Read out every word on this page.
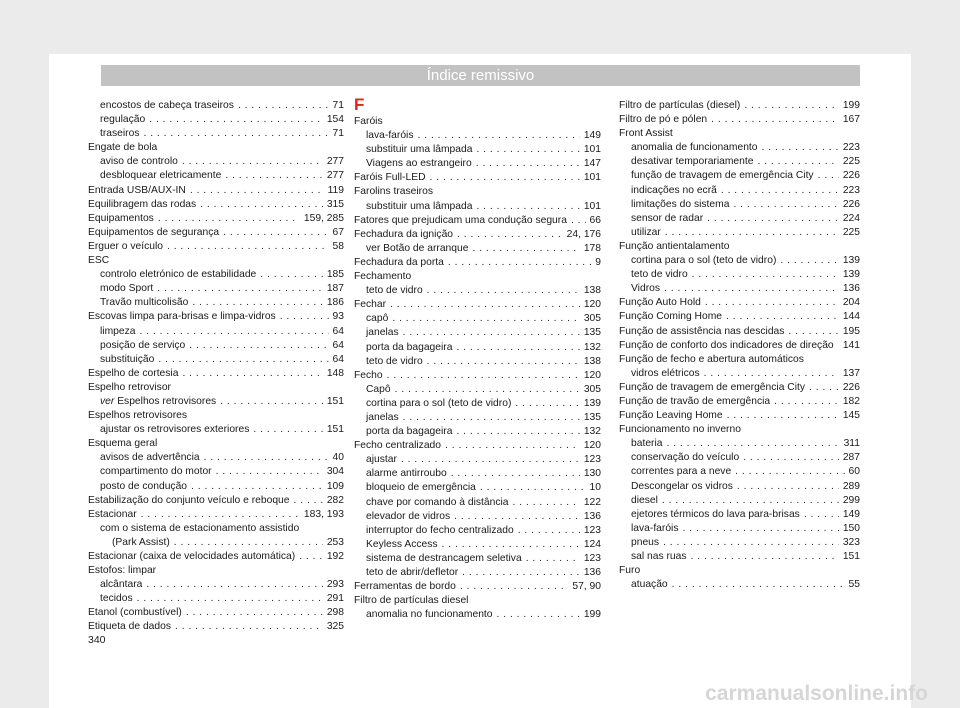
Índice remissivo
encostos de cabeça traseiros . . .	71
regulação . . .	154
traseiros . . .	71
Engate de bola
aviso de controlo . . .	277
desbloquear eletricamente . . .	277
Entrada USB/AUX-IN . . .	119
Equilibragem das rodas . . .	315
Equipamentos . . .	159, 285
Equipamentos de segurança . . .	67
Erguer o veículo . . .	58
ESC
controlo eletrónico de estabilidade . . .	185
modo Sport . . .	187
Travão multicolisão . . .	186
Escovas limpa para-brisas e limpa-vidros . . .	93
limpeza . . .	64
posição de serviço . . .	64
substituição . . .	64
Espelho de cortesia . . .	148
Espelho retrovisor
ver Espelhos retrovisores . . .	151
Espelhos retrovisores
ajustar os retrovisores exteriores . . .	151
Esquema geral
avisos de advertência . . .	40
compartimento do motor . . .	304
posto de condução . . .	109
Estabilização do conjunto veículo e reboque . . .	282
Estacionar . . .	183, 193
com o sistema de estacionamento assistido
(Park Assist) . . .	253
Estacionar (caixa de velocidades automática) . . .	192
Estofos: limpar
alcântara . . .	293
tecidos . . .	291
Etanol (combustível) . . .	298
Etiqueta de dados . . .	325
F
Faróis
lava-faróis . . .	149
substituir uma lâmpada . . .	101
Viagens ao estrangeiro . . .	147
Faróis Full-LED . . .	101
Farolins traseiros
substituir uma lâmpada . . .	101
Fatores que prejudicam uma condução segura . . . 66
Fechadura da ignição . . .	24, 176
ver Botão de arranque . . .	178
Fechadura da porta . . .	9
Fechamento
teto de vidro . . .	138
Fechar . . .	120
capô . . .	305
janelas . . .	135
porta da bagageira . . .	132
teto de vidro . . .	138
Fecho . . .	120
Capô . . .	305
cortina para o sol (teto de vidro) . . .	139
janelas . . .	135
porta da bagageira . . .	132
Fecho centralizado . . .	120
ajustar . . .	123
alarme antirroubo . . .	130
bloqueio de emergência . . .	10
chave por comando à distância . . .	122
elevador de vidros . . .	136
interruptor do fecho centralizado . . .	123
Keyless Access . . .	124
sistema de destrancagem seletiva . . .	123
teto de abrir/defletor . . .	136
Ferramentas de bordo . . .	57, 90
Filtro de partículas diesel
anomalia no funcionamento . . .	199
Filtro de partículas (diesel) . . .	199
Filtro de pó e pólen . . .	167
Front Assist
anomalia de funcionamento . . .	223
desativar temporariamente . . .	225
função de travagem de emergência City . . .	226
indicações no ecrã . . .	223
limitações do sistema . . .	226
sensor de radar . . .	224
utilizar . . .	225
Função antientalamento
cortina para o sol (teto de vidro) . . .	139
teto de vidro . . .	139
Vidros . . .	136
Função Auto Hold . . .	204
Função Coming Home . . .	144
Função de assistência nas descidas . . .	195
Função de conforto dos indicadores de direção 141
Função de fecho e abertura automáticos
vidros elétricos . . .	137
Função de travagem de emergência City . . .	226
Função de travão de emergência . . .	182
Função Leaving Home . . .	145
Funcionamento no inverno
bateria . . .	311
conservação do veículo . . .	287
correntes para a neve . . .	60
Descongelar os vidros . . .	289
diesel . . .	299
ejetores térmicos do lava para-brisas . . .	149
lava-faróis . . .	150
pneus . . .	323
sal nas ruas . . .	151
Furo
atuação . . .	55
340
carmanualsonline.info
